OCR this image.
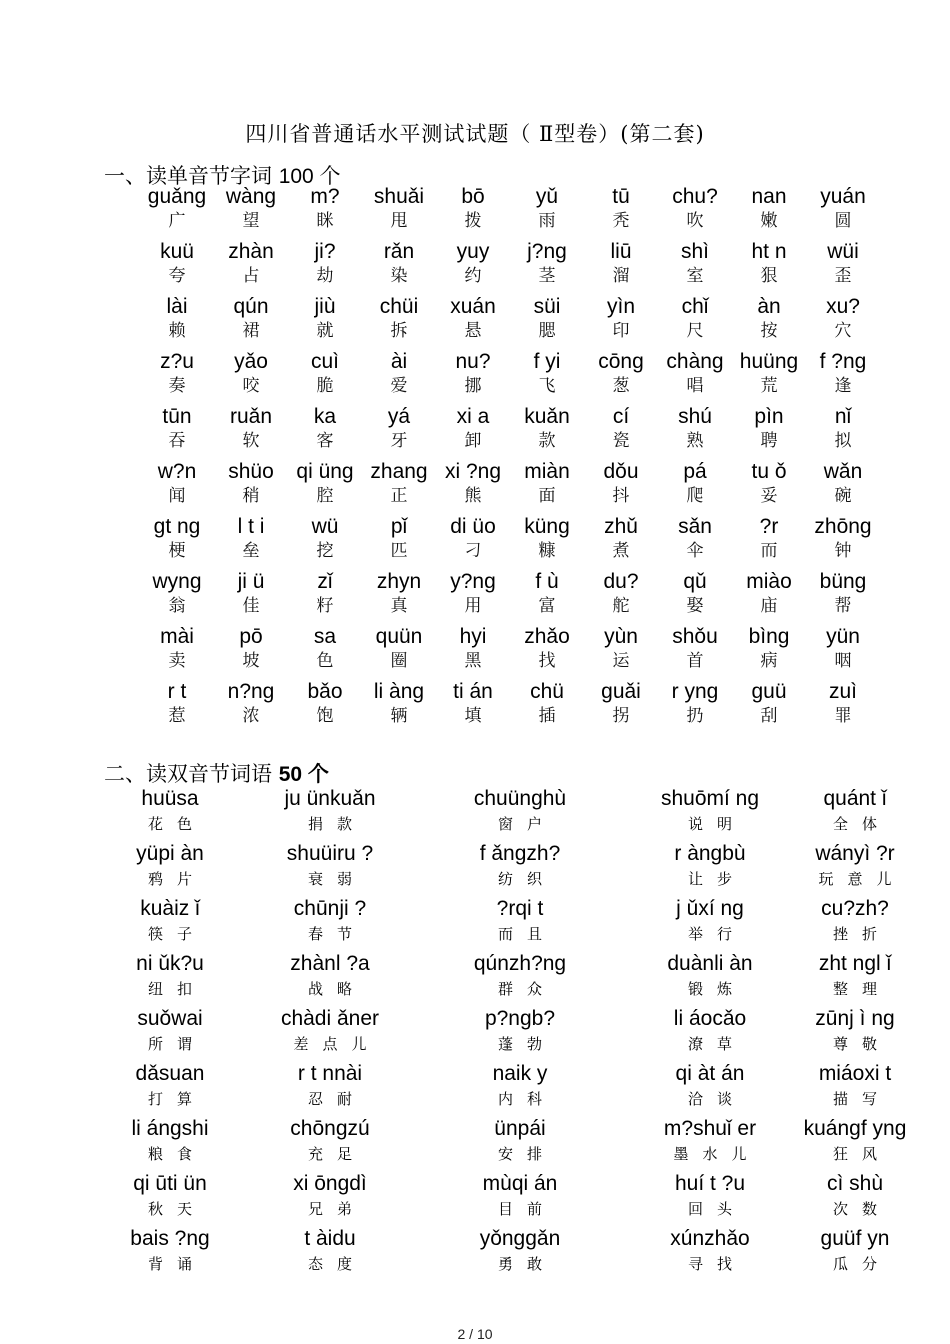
四川省普通话水平测试试题（ Ⅱ型卷）(第二套)
一、读单音节字词 100 个
guǎng
广
wàng
望
m?
眯
shuǎi
甩
bō
拨
yǔ
雨
tū
秃
chu?
吹
nan
嫩
yuán
圆
kuü
夸
zhàn
占
ji?
劫
rǎn
染
yuy
约
j?ng
茎
liū
溜
shì
室
ht n
狠
wüi
歪
lài
赖
qún
裙
jiù
就
chüi
拆
xuán
悬
süi
腮
yìn
印
chǐ
尺
àn
按
xu?
穴
z?u
奏
yǎo
咬
cuì
脆
ài
爱
nu?
挪
f yi
飞
cōng
葱
chàng
唱
huüng
荒
f ?ng
逢
tūn
吞
ruǎn
软
ka
客
yá
牙
xi a
卸
kuǎn
款
cí
瓷
shú
熟
pìn
聘
nǐ
拟
w?n
闻
shüo
稍
qi üng
腔
zhang
正
xi ?ng
熊
miàn
面
dǒu
抖
pá
爬
tu ǒ
妥
wǎn
碗
gt ng
梗
l t i
垒
wü
挖
pǐ
匹
di üo
刁
küng
糠
zhǔ
煮
sǎn
伞
?r
而
zhōng
钟
wyng
翁
ji ü
佳
zǐ
籽
zhyn
真
y?ng
用
f ù
富
du?
舵
qǔ
娶
miào
庙
büng
帮
mài
卖
pō
坡
sa
色
quün
圈
hyi
黑
zhǎo
找
yùn
运
shǒu
首
bìng
病
yün
咽
r t
惹
n?ng
浓
bǎo
饱
li àng
辆
ti án
填
chü
插
guǎi
拐
r yng
扔
guü
刮
zuì
罪
二、读双音节词语 50 个
huüsa
花色
ju ünkuǎn
捐款
chuünghù
窗户
shuōmí ng
说明
quánt ǐ
全体
yüpi àn
鸦片
shuüiru ?
衰弱
f ǎngzh?
纺织
r àngbù
让步
wányì ?r
玩意儿
kuàiz ǐ
筷子
chūnji ?
春节
?rqi t
而且
j ǔxí ng
举行
cu?zh?
挫折
ni ǔk?u
纽扣
zhànl ?a
战略
qúnzh?ng
群众
duànli àn
锻炼
zht ngl ǐ
整理
suǒwai
所谓
chàdi ǎner
差点儿
p?ngb?
蓬勃
li áocǎo
潦草
zūnj ì ng
尊敬
dǎsuan
打算
r t nnài
忍耐
naik y
内科
qi àt án
洽谈
miáoxi t
描写
li ángshi
粮食
chōngzú
充足
ünpái
安排
m?shuǐ er
墨水儿
kuángf yng
狂风
qi ūti ün
秋天
xi ōngdì
兄弟
mùqi án
目前
huí t ?u
回头
cì shù
次数
bais ?ng
背诵
t àidu
态度
yǒnggǎn
勇敢
xúnzhǎo
寻找
guüf yn
瓜分
2 / 10
